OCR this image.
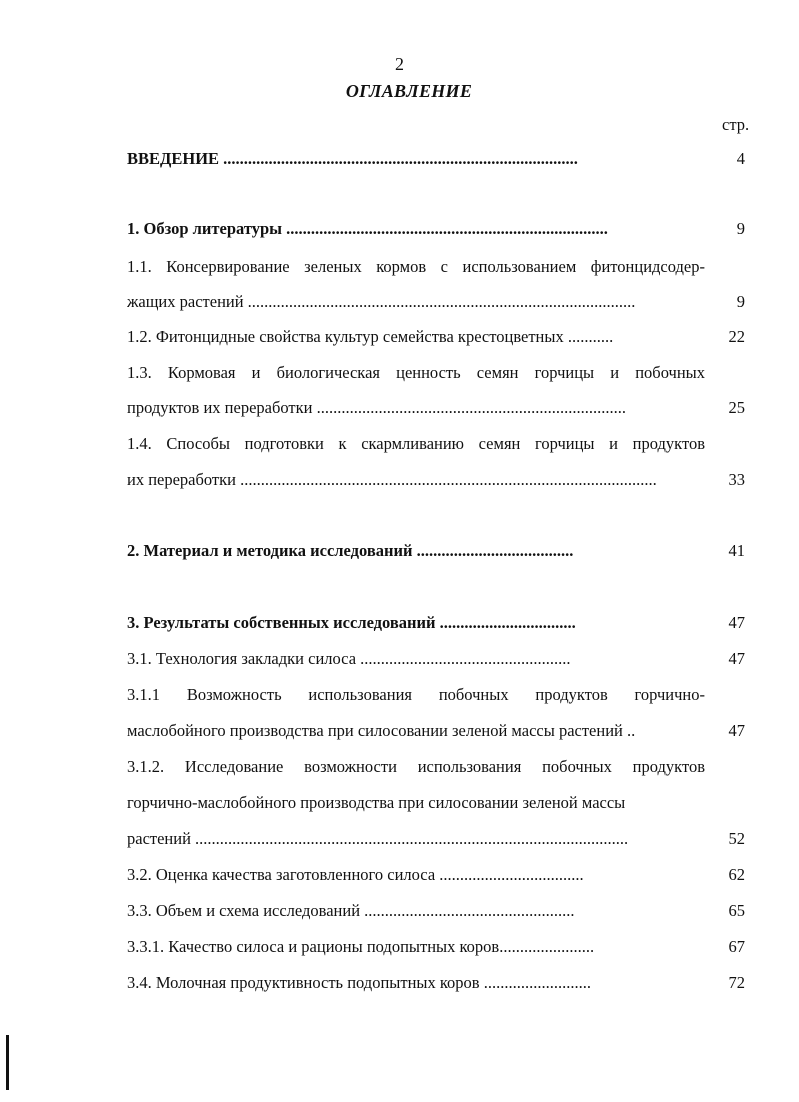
2
ОГЛАВЛЕНИЕ
стр.
ВВЕДЕНИЕ ......................................................................................	4
1. Обзор литературы ..............................................................................	9
1.1. Консервирование зеленых кормов с использованием фитонцидсодер-
жащих растений ..............................................................................................	9
1.2. Фитонцидные свойства культур семейства крестоцветных ...........	22
1.3. Кормовая и биологическая ценность семян горчицы и побочных
продуктов их переработки ...........................................................................	25
1.4. Способы подготовки к скармливанию семян горчицы и продуктов
их переработки .....................................................................................................	33
2. Материал и методика исследований ......................................	41
3. Результаты собственных исследований .................................	47
3.1. Технология закладки силоса ...................................................	47
3.1.1 Возможность использования побочных продуктов горчично-
маслобойного производства при силосовании зеленой массы растений ..	47
3.1.2. Исследование возможности использования побочных продуктов
горчично-маслобойного производства при силосовании зеленой массы
растений .........................................................................................................	52
3.2. Оценка качества заготовленного силоса ...................................	62
3.3. Объем и схема исследований ...................................................	65
3.3.1. Качество силоса и рационы подопытных коров.......................	67
3.4. Молочная продуктивность подопытных коров ..........................	72
